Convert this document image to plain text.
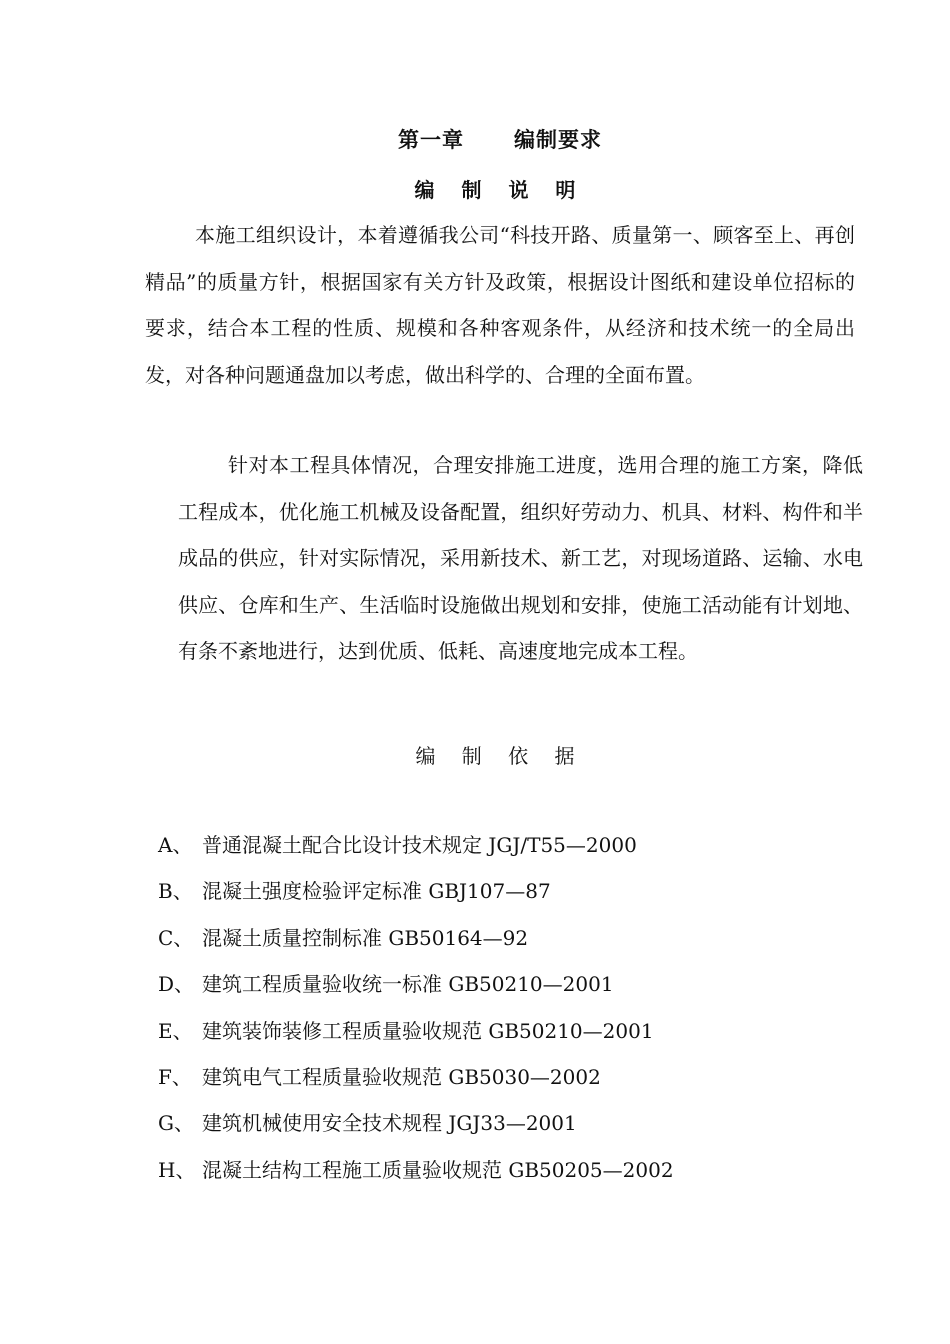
第一章 编制要求
编 制 说 明
本施工组织设计，本着遵循我公司“科技开路、质量第一、顾客至上、再创精品”的质量方针，根据国家有关方针及政策，根据设计图纸和建设单位招标的要求，结合本工程的性质、规模和各种客观条件，从经济和技术统一的全局出发，对各种问题通盘加以考虑，做出科学的、合理的全面布置。
针对本工程具体情况，合理安排施工进度，选用合理的施工方案，降低工程成本，优化施工机械及设备配置，组织好劳动力、机具、材料、构件和半成品的供应，针对实际情况，采用新技术、新工艺，对现场道路、运输、水电供应、仓库和生产、生活临时设施做出规划和安排，使施工活动能有计划地、有条不紊地进行，达到优质、低耗、高速度地完成本工程。
编 制 依 据
A、 普通混凝土配合比设计技术规定 JGJ/T55—2000
B、 混凝土强度检验评定标准 GBJ107—87
C、 混凝土质量控制标准 GB50164—92
D、 建筑工程质量验收统一标准 GB50210—2001
E、 建筑装饰装修工程质量验收规范 GB50210—2001
F、 建筑电气工程质量验收规范 GB5030—2002
G、 建筑机械使用安全技术规程 JGJ33—2001
H、 混凝土结构工程施工质量验收规范 GB50205—2002
